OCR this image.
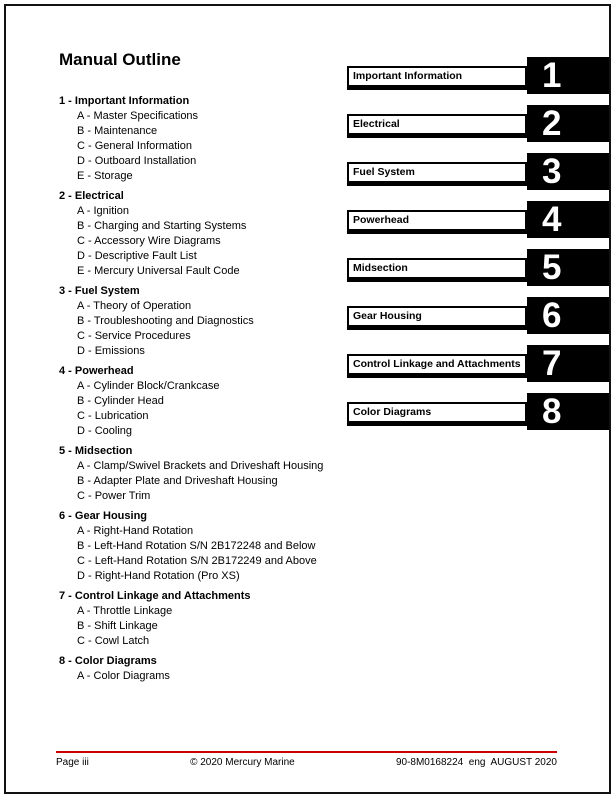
Manual Outline
1 - Important Information
A - Master Specifications
B - Maintenance
C - General Information
D - Outboard Installation
E - Storage
2 - Electrical
A - Ignition
B - Charging and Starting Systems
C - Accessory Wire Diagrams
D - Descriptive Fault List
E - Mercury Universal Fault Code
3 - Fuel System
A - Theory of Operation
B - Troubleshooting and Diagnostics
C - Service Procedures
D - Emissions
4 - Powerhead
A - Cylinder Block/Crankcase
B - Cylinder Head
C - Lubrication
D - Cooling
5 - Midsection
A - Clamp/Swivel Brackets and Driveshaft Housing
B - Adapter Plate and Driveshaft Housing
C - Power Trim
6 - Gear Housing
A - Right-Hand Rotation
B - Left-Hand Rotation S/N 2B172248 and Below
C - Left-Hand Rotation S/N 2B172249 and Above
D - Right-Hand Rotation (Pro XS)
7 - Control Linkage and Attachments
A - Throttle Linkage
B - Shift Linkage
C - Cowl Latch
8 - Color Diagrams
A - Color Diagrams
Important Information	1
Electrical	2
Fuel System	3
Powerhead	4
Midsection	5
Gear Housing	6
Control Linkage and Attachments 7
Color Diagrams	8
Page iii	© 2020 Mercury Marine	90-8M0168224  eng  AUGUST 2020
